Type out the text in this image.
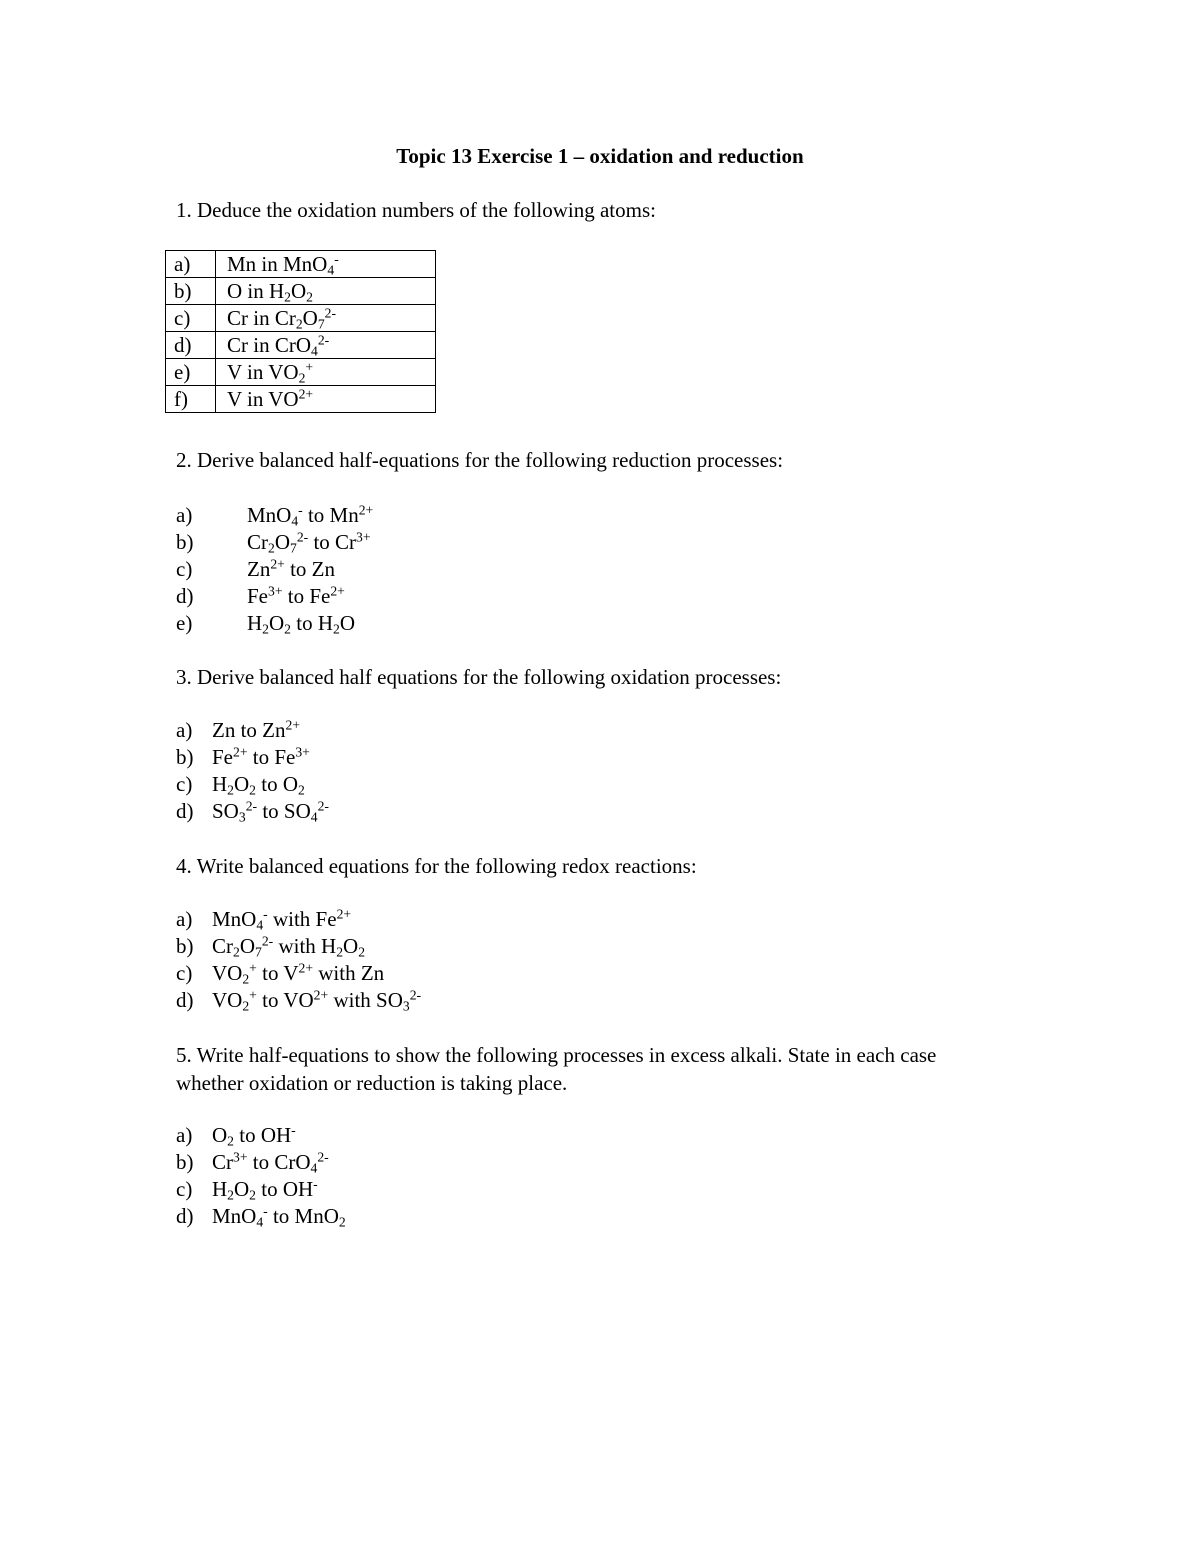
Topic 13 Exercise 1 – oxidation and reduction
1. Deduce the oxidation numbers of the following atoms:
a)	Mn in MnO$_4$-
b)	O in $H_2O_2$
c)	Cr in $Cr_2O_7^{2-}$
d)	Cr in CrO$_4^{2-}$
e)	V in $VO_2^+$
f)	V in $VO^{2+}$
2. Derive balanced half-equations for the following reduction processes:
a)	MnO$_4$- to $Mn^{2+}$
b)	$Cr_2O_7^{2-}$ to $Cr^{3+}$
c)	$Zn^{2+}$ to Zn
d)	$Fe^{3+}$ to $Fe^{2+}$
e)	$H_2O_2$ to $H_2O$
3. Derive balanced half equations for the following oxidation processes:
a) Zn to $Zn^{2+}$
b) $Fe^{2+}$ to $Fe^{3+}$
c) $H_2O_2$ to $O_2$
d) $SO_3^{2-}$ to $SO_4^{2-}$
4. Write balanced equations for the following redox reactions:
a) MnO$_4$- with $Fe^{2+}$
b) $Cr_2O_7^{2-}$ with $H_2O_2$
c) $VO_2^+$ to $V^{2+}$ with Zn
d) $VO_2^+$ to $VO^{2+}$ with $SO_3^{2-}$
5. Write half-equations to show the following processes in excess alkali. State in each case whether oxidation or reduction is taking place.
a) $O_2$ to OH-
b) $Cr^{3+}$ to CrO$_4^{2-}$
c) $H_2O_2$ to OH-
d) MnO$_4$- to MnO$_2$
